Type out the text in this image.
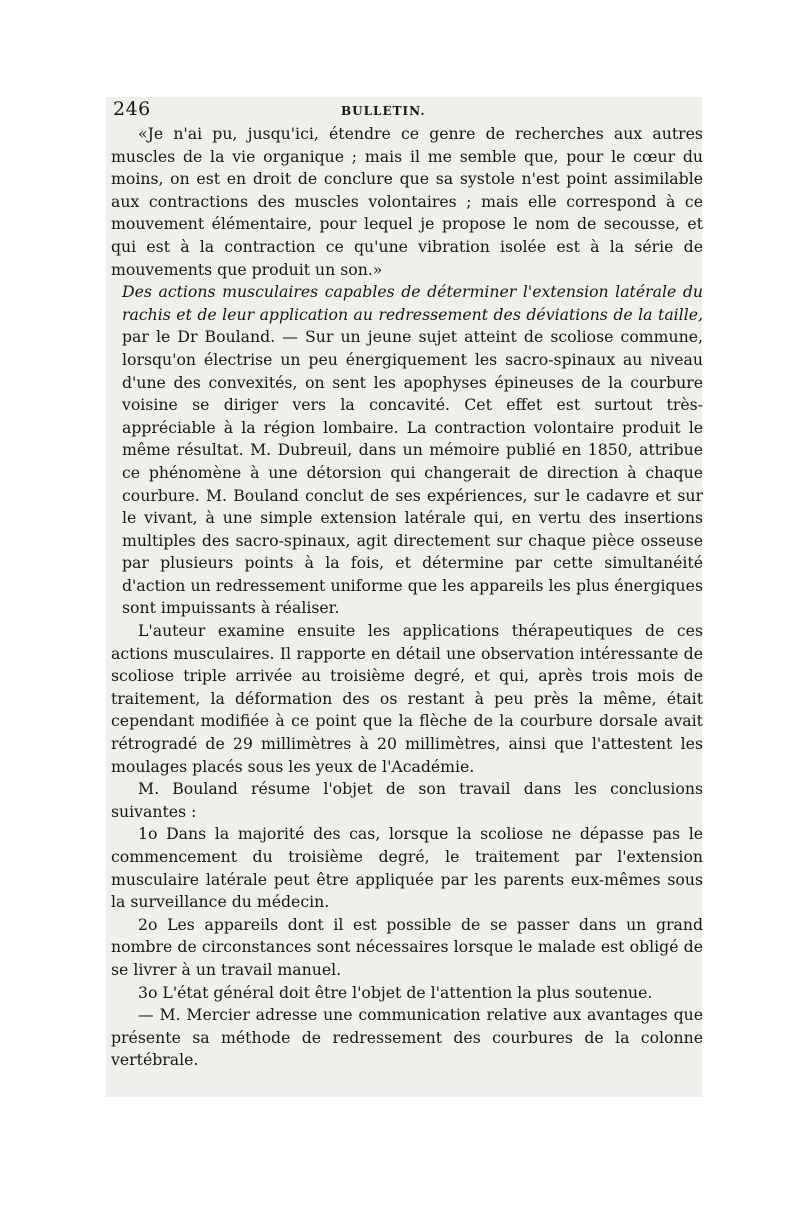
246	BULLETIN.

«Je n'ai pu, jusqu'ici, étendre ce genre de recherches aux autres muscles de la vie organique ; mais il me semble que, pour le cœur du moins, on est en droit de conclure que sa systole n'est point assimilable aux contractions des muscles volontaires ; mais elle correspond à ce mouvement élémentaire, pour lequel je propose le nom de secousse, et qui est à la contraction ce qu'une vibration isolée est à la série de mouvements que produit un son.»

Des actions musculaires capables de déterminer l'extension latérale du rachis et de leur application au redressement des déviations de la taille, par le Dr Bouland. — Sur un jeune sujet atteint de scoliose commune, lorsqu'on électrise un peu énergiquement les sacro-spinaux au niveau d'une des convexités, on sent les apophyses épineuses de la courbure voisine se diriger vers la concavité. Cet effet est surtout très-appréciable à la région lombaire. La contraction volontaire produit le même résultat. M. Dubreuil, dans un mémoire publié en 1850, attribue ce phénomène à une détorsion qui changerait de direction à chaque courbure. M. Bouland conclut de ses expériences, sur le cadavre et sur le vivant, à une simple extension latérale qui, en vertu des insertions multiples des sacro-spinaux, agit directement sur chaque pièce osseuse par plusieurs points à la fois, et détermine par cette simultanéité d'action un redressement uniforme que les appareils les plus énergiques sont impuissants à réaliser.

L'auteur examine ensuite les applications thérapeutiques de ces actions musculaires. Il rapporte en détail une observation intéressante de scoliose triple arrivée au troisième degré, et qui, après trois mois de traitement, la déformation des os restant à peu près la même, était cependant modifiée à ce point que la flèche de la courbure dorsale avait rétrogradé de 29 millimètres à 20 millimètres, ainsi que l'attestent les moulages placés sous les yeux de l'Académie.

M. Bouland résume l'objet de son travail dans les conclusions suivantes :

1o Dans la majorité des cas, lorsque la scoliose ne dépasse pas le commencement du troisième degré, le traitement par l'extension musculaire latérale peut être appliquée par les parents eux-mêmes sous la surveillance du médecin.

2o Les appareils dont il est possible de se passer dans un grand nombre de circonstances sont nécessaires lorsque le malade est obligé de se livrer à un travail manuel.

3o L'état général doit être l'objet de l'attention la plus soutenue.

— M. Mercier adresse une communication relative aux avantages que présente sa méthode de redressement des courbures de la colonne vertébrale.
